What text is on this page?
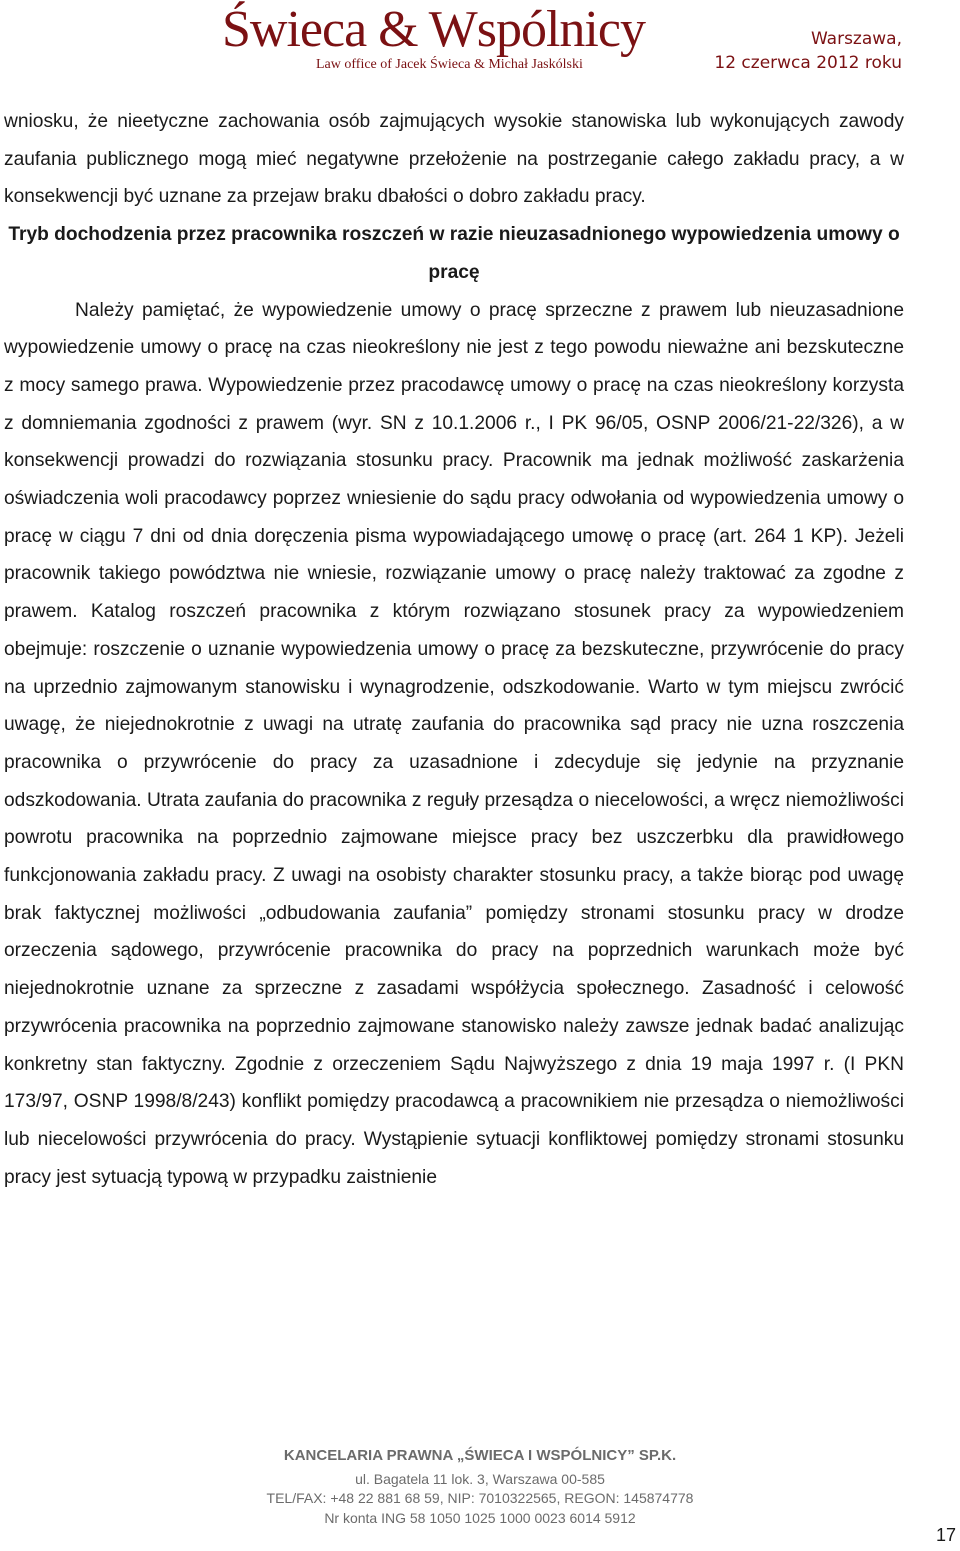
Świeca & Wspólnicy
Law office of Jacek Świeca & Michał Jaskólski
Warszawa,
12 czerwca 2012 roku

wniosku, że nieetyczne zachowania osób zajmujących wysokie stanowiska lub wykonujących zawody zaufania publicznego mogą mieć negatywne przełożenie na postrzeganie całego zakładu pracy, a w konsekwencji być uznane za przejaw braku dbałości o dobro zakładu pracy.

Tryb dochodzenia przez pracownika roszczeń w razie nieuzasadnionego wypowiedzenia umowy o pracę

Należy pamiętać, że wypowiedzenie umowy o pracę sprzeczne z prawem lub nieuzasadnione wypowiedzenie umowy o pracę na czas nieokreślony nie jest z tego powodu nieważne ani bezskuteczne z mocy samego prawa. Wypowiedzenie przez pracodawcę umowy o pracę na czas nieokreślony korzysta z domniemania zgodności z prawem (wyr. SN z 10.1.2006 r., I PK 96/05, OSNP 2006/21-22/326), a w konsekwencji prowadzi do rozwiązania stosunku pracy. Pracownik ma jednak możliwość zaskarżenia oświadczenia woli pracodawcy poprzez wniesienie do sądu pracy odwołania od wypowiedzenia umowy o pracę w ciągu 7 dni od dnia doręczenia pisma wypowiadającego umowę o pracę (art. 264 1 KP). Jeżeli pracownik takiego powództwa nie wniesie, rozwiązanie umowy o pracę należy traktować za zgodne z prawem. Katalog roszczeń pracownika z którym rozwiązano stosunek pracy za wypowiedzeniem obejmuje: roszczenie o uznanie wypowiedzenia umowy o pracę za bezskuteczne, przywrócenie do pracy na uprzednio zajmowanym stanowisku i wynagrodzenie, odszkodowanie. Warto w tym miejscu zwrócić uwagę, że niejednokrotnie z uwagi na utratę zaufania do pracownika sąd pracy nie uzna roszczenia pracownika o przywrócenie do pracy za uzasadnione i zdecyduje się jedynie na przyznanie odszkodowania. Utrata zaufania do pracownika z reguły przesądza o niecelowości, a wręcz niemożliwości powrotu pracownika na poprzednio zajmowane miejsce pracy bez uszczerbku dla prawidłowego funkcjonowania zakładu pracy. Z uwagi na osobisty charakter stosunku pracy, a także biorąc pod uwagę brak faktycznej możliwości „odbudowania zaufania” pomiędzy stronami stosunku pracy w drodze orzeczenia sądowego, przywrócenie pracownika do pracy na poprzednich warunkach może być niejednokrotnie uznane za sprzeczne z zasadami współżycia społecznego. Zasadność i celowość przywrócenia pracownika na poprzednio zajmowane stanowisko należy zawsze jednak badać analizując konkretny stan faktyczny. Zgodnie z orzeczeniem Sądu Najwyższego z dnia 19 maja 1997 r. (I PKN 173/97, OSNP 1998/8/243) konflikt pomiędzy pracodawcą a pracownikiem nie przesądza o niemożliwości lub niecelowości przywrócenia do pracy. Wystąpienie sytuacji konfliktowej pomiędzy stronami stosunku pracy jest sytuacją typową w przypadku zaistnienie

KANCELARIA PRAWNA „ŚWIECA I WSPÓLNICY” SP.K.
ul. Bagatela 11 lok. 3, Warszawa 00-585
TEL/FAX: +48 22 881 68 59, NIP: 7010322565, REGON: 145874778
Nr konta ING 58 1050 1025 1000 0023 6014 5912
17
